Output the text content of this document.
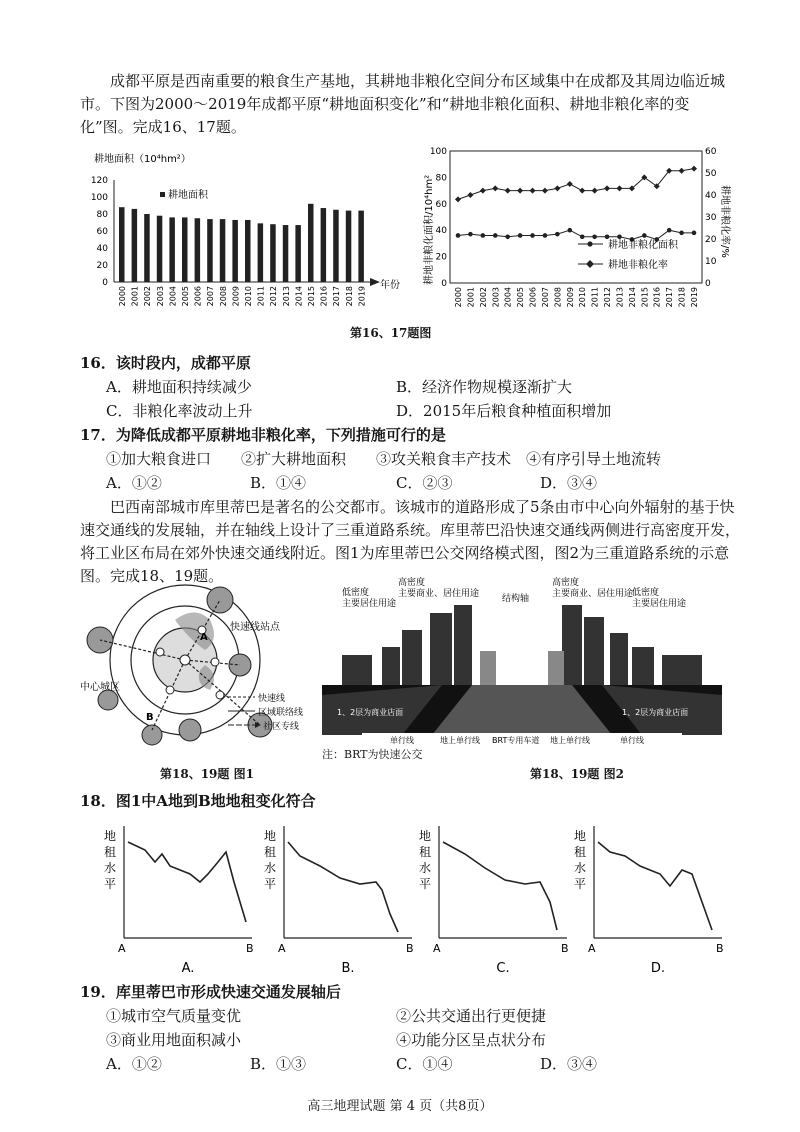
成都平原是西南重要的粮食生产基地，其耕地非粮化空间分布区域集中在成都及其周边临近城市。下图为2000～2019年成都平原“耕地面积变化”和“耕地非粮化面积、耕地非粮化率的变化”图。完成16、17题。
耕地面积（10⁴hm²）
0
20
40
60
80
100
120
耕地面积
年份
2000 2001 2002 2003 2004 2005 2006 2007 2008 2009 2010 2011 2012 2013 2014 2015 2016 2017 2018 2019
0
20
40
60
80
100
0
10
20
30
40
50
60
耕地非粮化面积/10⁴hm²	耕地非粮化率/%
耕地非粮化面积
耕地非粮化率
2000 2001 2002 2003 2004 2005 2006 2007 2008 2009 2010 2011 2012 2013 2014 2015 2016 2017 2018 2019
第16、17题图
16．该时段内，成都平原
A．耕地面积持续减少	B．经济作物规模逐渐扩大
C．非粮化率波动上升	D．2015年后粮食种植面积增加
17．为降低成都平原耕地非粮化率，下列措施可行的是
①加大粮食进口　　②扩大耕地面积　　③攻关粮食丰产技术　④有序引导土地流转
A．①②	B．①④	C．②③	D．③④
巴西南部城市库里蒂巴是著名的公交都市。该城市的道路形成了5条由市中心向外辐射的基于快速交通线的发展轴，并在轴线上设计了三重道路系统。库里蒂巴沿快速交通线两侧进行高密度开发，将工业区布局在郊外快速交通线附近。图1为库里蒂巴公交网络模式图，图2为三重道路系统的示意图。完成18、19题。
A
B
快速线站点
中心城区
快速线
区域联络线
社区专线
第18、19题 图1
低密度主要居住用途
低密度主要居住用途
高密度主要商业、居住用途
高密度主要商业、居住用途
结构轴
1、2层为商业店面	1、2层为商业店面
单行线	地上单行线 BRT专用车道 地上单行线	单行线
注：BRT为快速公交
第18、19题 图2
18．图1中A地到B地地租变化符合
地
租
水
平
A	B
A.
地
租
水
平
A	B
B.
地
租
水
平
A	B
C.
地
租
水
平
A	B
D.
19．库里蒂巴市形成快速交通发展轴后
①城市空气质量变优	②公共交通出行更便捷
③商业用地面积减小	④功能分区呈点状分布
A．①②	B．①③	C．①④	D．③④
高三地理试题 第 4 页（共8页）
